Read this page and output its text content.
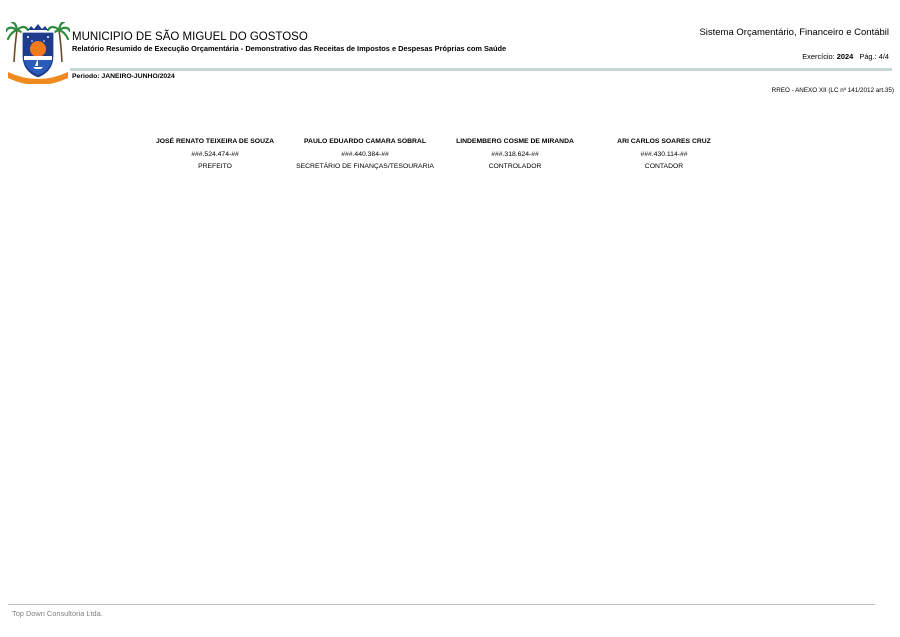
MUNICIPIO DE SÃO MIGUEL DO GOSTOSO
Relatório Resumido de Execução Orçamentária - Demonstrativo das Receitas de Impostos e Despesas Próprias com Saúde
Sistema Orçamentário, Financeiro e Contábil
Exercício: 2024 Pág.: 4/4
Periodo: JANEIRO-JUNHO/2024
RREO - ANEXO XII (LC nº 141/2012 art.35)
JOSÉ RENATO TEIXEIRA DE SOUZA
###.524.474-##
PREFEITO
PAULO EDUARDO CAMARA SOBRAL
###.440.384-##
SECRETÁRIO DE FINANÇAS/TESOURARIA
LINDEMBERG COSME DE MIRANDA
###.318.624-##
CONTROLADOR
ARI CARLOS SOARES CRUZ
###.430.114-##
CONTADOR
Top Down Consultoria Ltda.
